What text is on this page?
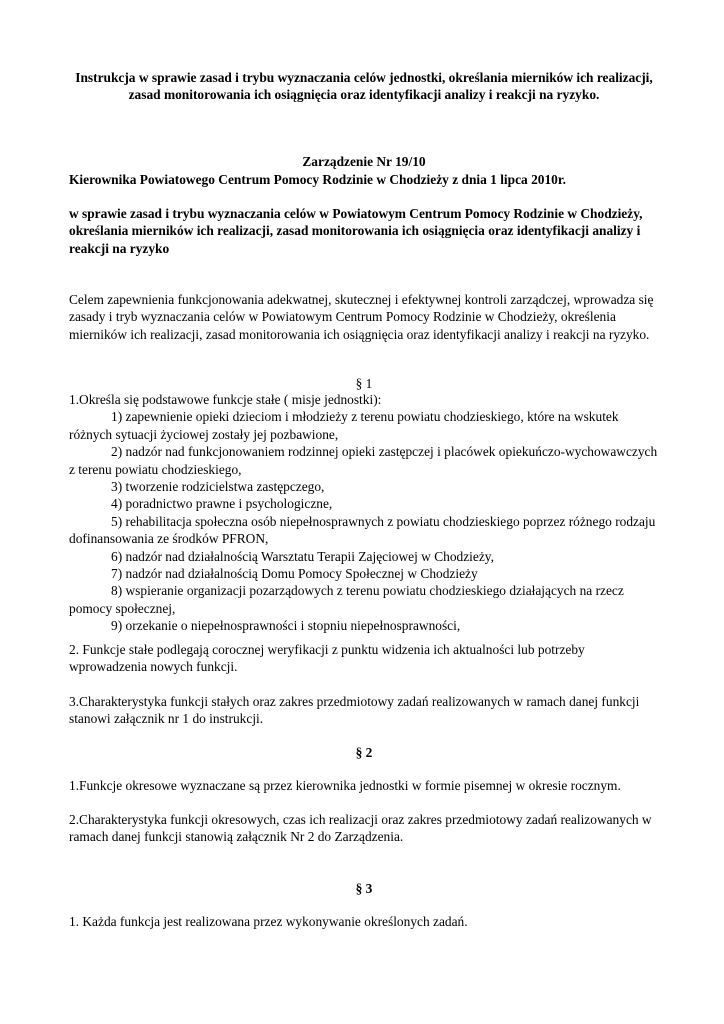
Instrukcja w sprawie zasad i trybu wyznaczania celów jednostki, określania mierników ich realizacji, zasad monitorowania ich osiągnięcia oraz identyfikacji analizy i reakcji na ryzyko.
Zarządzenie Nr 19/10
Kierownika Powiatowego Centrum Pomocy Rodzinie w Chodzieży z dnia 1 lipca 2010r.
w sprawie zasad i trybu wyznaczania celów w Powiatowym Centrum Pomocy Rodzinie w Chodzieży, określania mierników ich realizacji, zasad monitorowania ich osiągnięcia oraz identyfikacji analizy i reakcji na ryzyko
Celem zapewnienia funkcjonowania adekwatnej, skutecznej i efektywnej kontroli zarządczej, wprowadza się zasady i tryb wyznaczania celów w Powiatowym Centrum Pomocy Rodzinie w Chodzieży, określenia mierników ich realizacji, zasad monitorowania ich osiągnięcia oraz identyfikacji analizy i reakcji na ryzyko.
§ 1
1.Określa się podstawowe funkcje stałe ( misje jednostki):
1) zapewnienie opieki dzieciom i młodzieży z terenu powiatu chodzieskiego, które na wskutek różnych sytuacji życiowej zostały jej pozbawione,
2) nadzór nad funkcjonowaniem rodzinnej opieki zastępczej i placówek opiekuńczo-wychowawczych z terenu powiatu chodzieskiego,
3) tworzenie rodzicielstwa zastępczego,
4) poradnictwo prawne i psychologiczne,
5) rehabilitacja społeczna osób niepełnosprawnych z powiatu chodzieskiego poprzez różnego rodzaju dofinansowania ze środków PFRON,
6) nadzór nad działalnością Warsztatu Terapii Zajęciowej w Chodzieży,
7) nadzór nad działalnością Domu Pomocy Społecznej w Chodzieży
8) wspieranie organizacji pozarządowych z terenu powiatu chodzieskiego działających na rzecz pomocy społecznej,
9) orzekanie o niepełnosprawności i stopniu niepełnosprawności,
2. Funkcje stałe podlegają corocznej weryfikacji z punktu widzenia ich aktualności lub potrzeby wprowadzenia nowych funkcji.
3.Charakterystyka funkcji stałych oraz zakres przedmiotowy zadań realizowanych w ramach danej funkcji stanowi załącznik nr 1 do instrukcji.
§ 2
1.Funkcje okresowe wyznaczane są przez kierownika jednostki w formie pisemnej w okresie rocznym.
2.Charakterystyka funkcji okresowych, czas ich realizacji oraz zakres przedmiotowy zadań realizowanych w ramach danej funkcji stanowią załącznik Nr 2 do Zarządzenia.
§ 3
1. Każda funkcja jest realizowana przez wykonywanie określonych zadań.
